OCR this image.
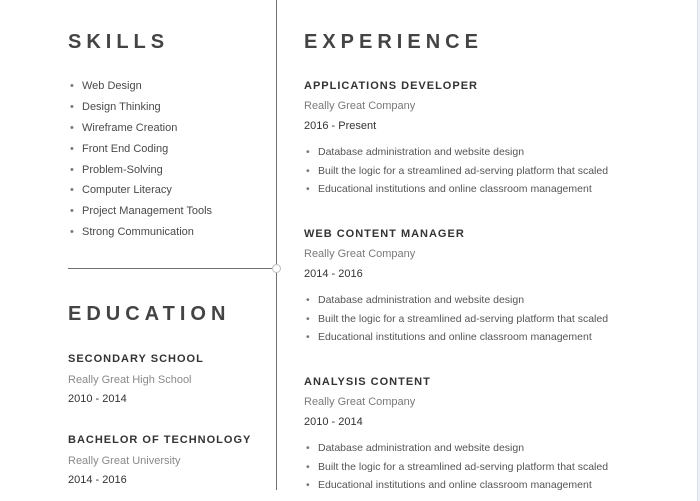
SKILLS
• Web Design
• Design Thinking
• Wireframe Creation
• Front End Coding
• Problem-Solving
• Computer Literacy
• Project Management Tools
• Strong Communication
EDUCATION
SECONDARY SCHOOL
Really Great High School
2010 - 2014
BACHELOR OF TECHNOLOGY
Really Great University
2014 - 2016
EXPERIENCE
APPLICATIONS DEVELOPER
Really Great Company
2016 - Present
• Database administration and website design
• Built the logic for a streamlined ad-serving platform that scaled
• Educational institutions and online classroom management
WEB CONTENT MANAGER
Really Great Company
2014 - 2016
• Database administration and website design
• Built the logic for a streamlined ad-serving platform that scaled
• Educational institutions and online classroom management
ANALYSIS CONTENT
Really Great Company
2010 - 2014
• Database administration and website design
• Built the logic for a streamlined ad-serving platform that scaled
• Educational institutions and online classroom management
